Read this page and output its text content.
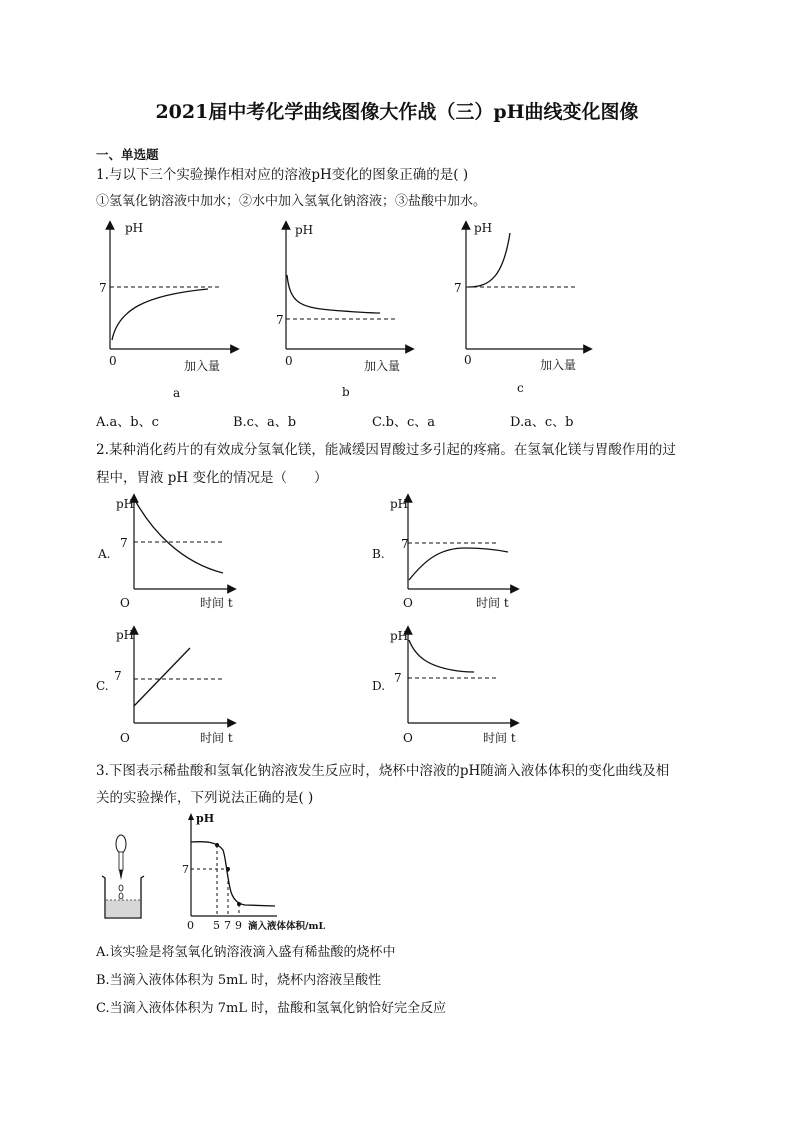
2021届中考化学曲线图像大作战（三）pH曲线变化图像
一、单选题
1.与以下三个实验操作相对应的溶液pH变化的图象正确的是( )
①氢氧化钠溶液中加水；②水中加入氢氧化钠溶液；③盐酸中加水。
pH
7
0	加入量
a
pH
7
0	加入量
b
pH
7
0	加入量
c
A.a、b、c	B.c、a、b	C.b、c、a	D.a、c、b
2.某种消化药片的有效成分氢氧化镁，能减缓因胃酸过多引起的疼痛。在氢氧化镁与胃酸作用的过
程中，胃液 pH 变化的情况是（　　）
A.
pH
7
O	时间 t
B.
pH
7
O	时间 t
C.
pH
7
O	时间 t
D.
pH
7
O	时间 t
3.下图表示稀盐酸和氢氧化钠溶液发生反应时，烧杯中溶液的pH随滴入液体体积的变化曲线及相
关的实验操作，下列说法正确的是( )
pH
7
0 5 7 9 滴入液体体积/mL
A.该实验是将氢氧化钠溶液滴入盛有稀盐酸的烧杯中
B.当滴入液体体积为 5mL 时，烧杯内溶液呈酸性
C.当滴入液体体积为 7mL 时，盐酸和氢氧化钠恰好完全反应
